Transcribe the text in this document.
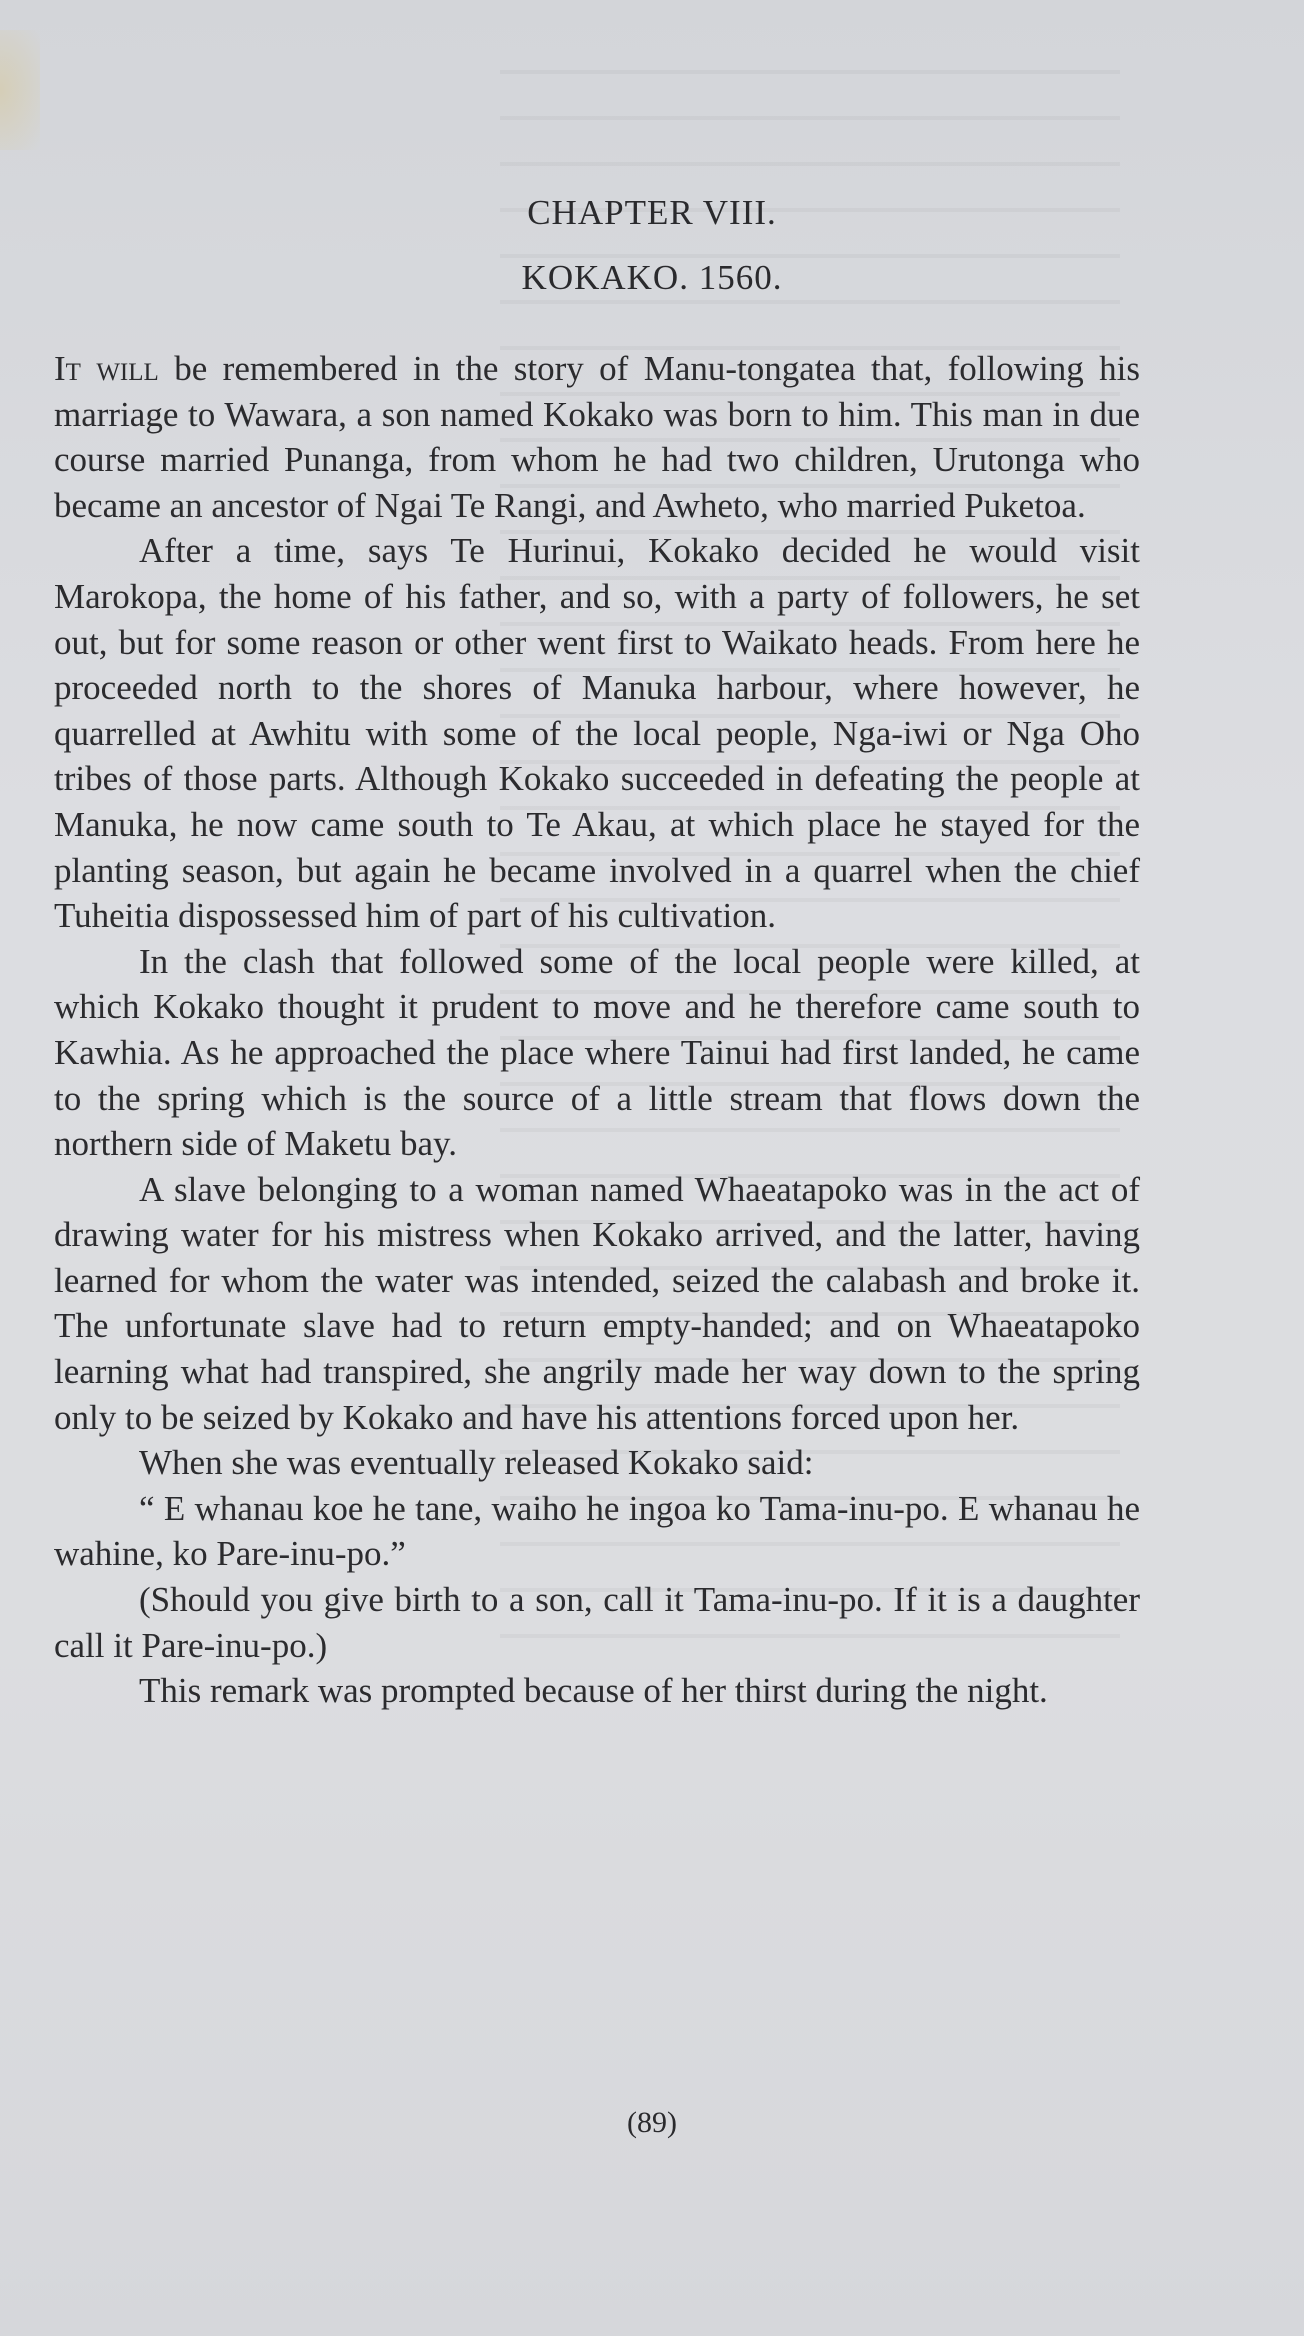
CHAPTER VIII.
KOKAKO. 1560.

It will be remembered in the story of Manu-tongatea that, following his marriage to Wawara, a son named Kokako was born to him. This man in due course married Punanga, from whom he had two children, Urutonga who became an ancestor of Ngai Te Rangi, and Awheto, who married Puketoa.

After a time, says Te Hurinui, Kokako decided he would visit Marokopa, the home of his father, and so, with a party of followers, he set out, but for some reason or other went first to Waikato heads. From here he proceeded north to the shores of Manuka harbour, where however, he quarrelled at Awhitu with some of the local people, Nga-iwi or Nga Oho tribes of those parts. Although Kokako succeeded in defeating the people at Manuka, he now came south to Te Akau, at which place he stayed for the planting season, but again he became involved in a quarrel when the chief Tuheitia dispossessed him of part of his cultivation.

In the clash that followed some of the local people were killed, at which Kokako thought it prudent to move and he therefore came south to Kawhia. As he approached the place where Tainui had first landed, he came to the spring which is the source of a little stream that flows down the northern side of Maketu bay.

A slave belonging to a woman named Whaeatapoko was in the act of drawing water for his mistress when Kokako arrived, and the latter, having learned for whom the water was intended, seized the calabash and broke it. The unfortunate slave had to return empty-handed; and on Whaeatapoko learning what had transpired, she angrily made her way down to the spring only to be seized by Kokako and have his attentions forced upon her.

When she was eventually released Kokako said:

“ E whanau koe he tane, waiho he ingoa ko Tama-inu-po. E whanau he wahine, ko Pare-inu-po.”

(Should you give birth to a son, call it Tama-inu-po. If it is a daughter call it Pare-inu-po.)

This remark was prompted because of her thirst during the night.

(89)
